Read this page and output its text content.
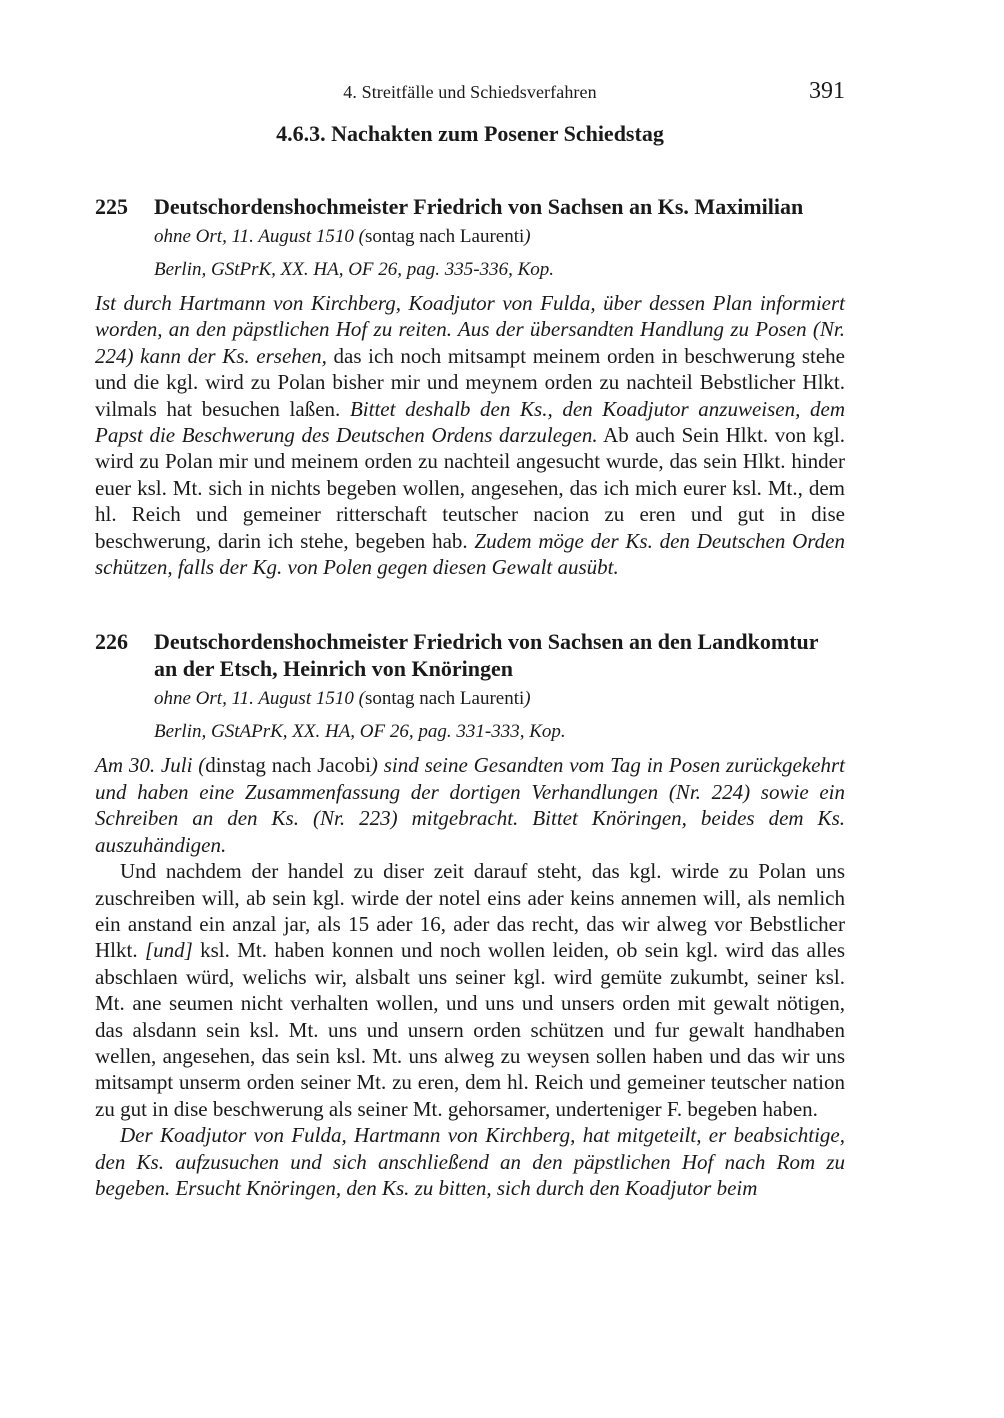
4. Streitfälle und Schiedsverfahren	391
4.6.3. Nachakten zum Posener Schiedstag
225	Deutschordenshochmeister Friedrich von Sachsen an Ks. Maximilian
ohne Ort, 11. August 1510 (sontag nach Laurenti)
Berlin, GStPrK, XX. HA, OF 26, pag. 335-336, Kop.

Ist durch Hartmann von Kirchberg, Koadjutor von Fulda, über dessen Plan informiert worden, an den päpstlichen Hof zu reiten. Aus der übersandten Handlung zu Posen (Nr. 224) kann der Ks. ersehen, das ich noch mitsampt meinem orden in beschwerung stehe und die kgl. wird zu Polan bisher mir und meynem orden zu nachteil Bebstlicher Hlkt. vilmals hat besuchen laßen. Bittet deshalb den Ks., den Koadjutor anzuweisen, dem Papst die Beschwerung des Deutschen Ordens darzulegen. Ab auch Sein Hlkt. von kgl. wird zu Polan mir und meinem orden zu nachteil angesucht wurde, das sein Hlkt. hinder euer ksl. Mt. sich in nichts begeben wollen, angesehen, das ich mich eurer ksl. Mt., dem hl. Reich und gemeiner ritterschaft teutscher nacion zu eren und gut in dise beschwerung, darin ich stehe, begeben hab. Zudem möge der Ks. den Deutschen Orden schützen, falls der Kg. von Polen gegen diesen Gewalt ausübt.

226	Deutschordenshochmeister Friedrich von Sachsen an den Landkomtur an der Etsch, Heinrich von Knöringen
ohne Ort, 11. August 1510 (sontag nach Laurenti)
Berlin, GStAPrK, XX. HA, OF 26, pag. 331-333, Kop.

Am 30. Juli (dinstag nach Jacobi) sind seine Gesandten vom Tag in Posen zurückgekehrt und haben eine Zusammenfassung der dortigen Verhandlungen (Nr. 224) sowie ein Schreiben an den Ks. (Nr. 223) mitgebracht. Bittet Knöringen, beides dem Ks. auszuhändigen.

Und nachdem der handel zu diser zeit darauf steht, das kgl. wirde zu Polan uns zuschreiben will, ab sein kgl. wirde der notel eins ader keins annemen will, als nemlich ein anstand ein anzal jar, als 15 ader 16, ader das recht, das wir alweg vor Bebstlicher Hlkt. [und] ksl. Mt. haben konnen und noch wollen leiden, ob sein kgl. wird das alles abschlaen würd, welichs wir, alsbalt uns seiner kgl. wird gemüte zukumbt, seiner ksl. Mt. ane seumen nicht verhalten wollen, und uns und unsers orden mit gewalt nötigen, das alsdann sein ksl. Mt. uns und unsern orden schützen und fur gewalt handhaben wellen, angesehen, das sein ksl. Mt. uns alweg zu weysen sollen haben und das wir uns mitsampt unserm orden seiner Mt. zu eren, dem hl. Reich und gemeiner teutscher nation zu gut in dise beschwerung als seiner Mt. gehorsamer, underteniger F. begeben haben.

Der Koadjutor von Fulda, Hartmann von Kirchberg, hat mitgeteilt, er beabsichtige, den Ks. aufzusuchen und sich anschließend an den päpstlichen Hof nach Rom zu begeben. Ersucht Knöringen, den Ks. zu bitten, sich durch den Koadjutor beim
